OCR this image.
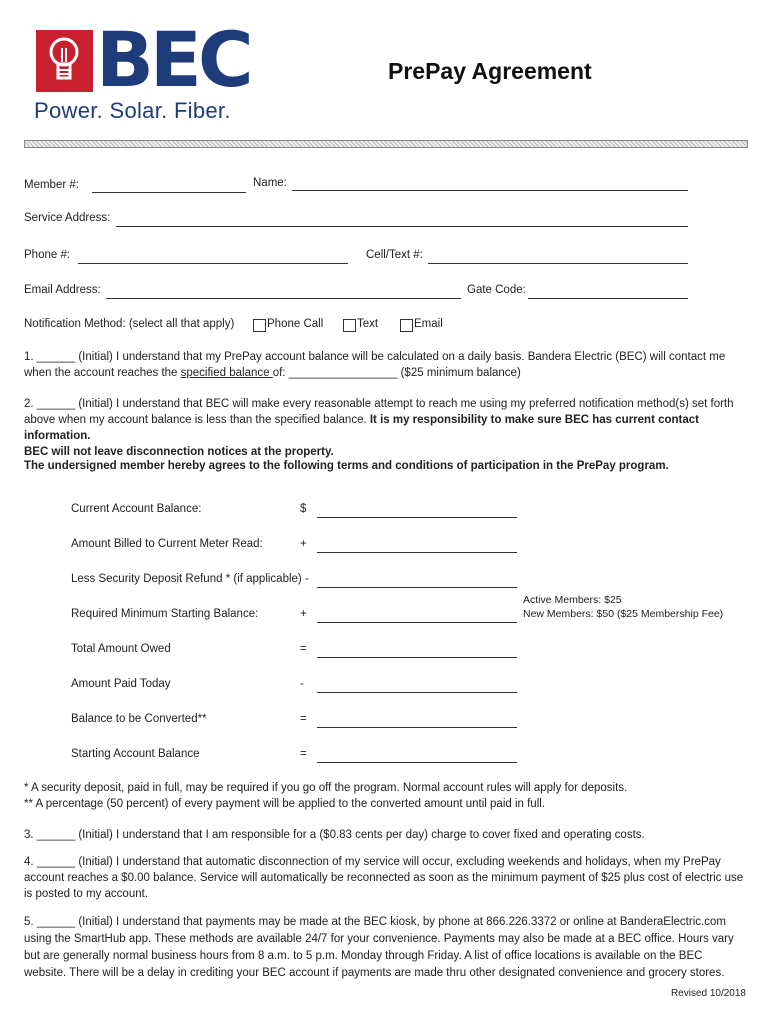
BEC
Power. Solar. Fiber.
PrePay Agreement
Member #:	Name:
Service Address:
Phone #:	Cell/Text #:
Email Address:	Gate Code:
Notification Method: (select all that apply)	Phone Call	Text	Email
1. ______ (Initial) I understand that my PrePay account balance will be calculated on a daily basis. Bandera Electric (BEC) will contact me
when the account reaches the specified balance of: _________________ ($25 minimum balance)
2. ______ (Initial) I understand that BEC will make every reasonable attempt to reach me using my preferred notification method(s) set forth
above when my account balance is less than the specified balance. It is my responsibility to make sure BEC has current contact information.
BEC will not leave disconnection notices at the property.
The undersigned member hereby agrees to the following terms and conditions of participation in the PrePay program.
Current Account Balance:	$
Amount Billed to Current Meter Read:	+
Less Security Deposit Refund * (if applicable) -
Required Minimum Starting Balance:	+
Total Amount Owed	=
Amount Paid Today	-
Balance to be Converted**	=
Starting Account Balance	=
Active Members: $25
New Members: $50 ($25 Membership Fee)
* A security deposit, paid in full, may be required if you go off the program. Normal account rules will apply for deposits.
** A percentage (50 percent) of every payment will be applied to the converted amount until paid in full.
3. ______ (Initial) I understand that I am responsible for a ($0.83 cents per day) charge to cover fixed and operating costs.
4. ______ (Initial) I understand that automatic disconnection of my service will occur, excluding weekends and holidays, when my PrePay
account reaches a $0.00 balance. Service will automatically be reconnected as soon as the minimum payment of $25 plus cost of electric use
is posted to my account.
5. ______ (Initial) I understand that payments may be made at the BEC kiosk, by phone at 866.226.3372 or online at BanderaElectric.com
using the SmartHub app. These methods are available 24/7 for your convenience. Payments may also be made at a BEC office. Hours vary
but are generally normal business hours from 8 a.m. to 5 p.m. Monday through Friday. A list of office locations is available on the BEC
website. There will be a delay in crediting your BEC account if payments are made thru other designated convenience and grocery stores.
Revised 10/2018
